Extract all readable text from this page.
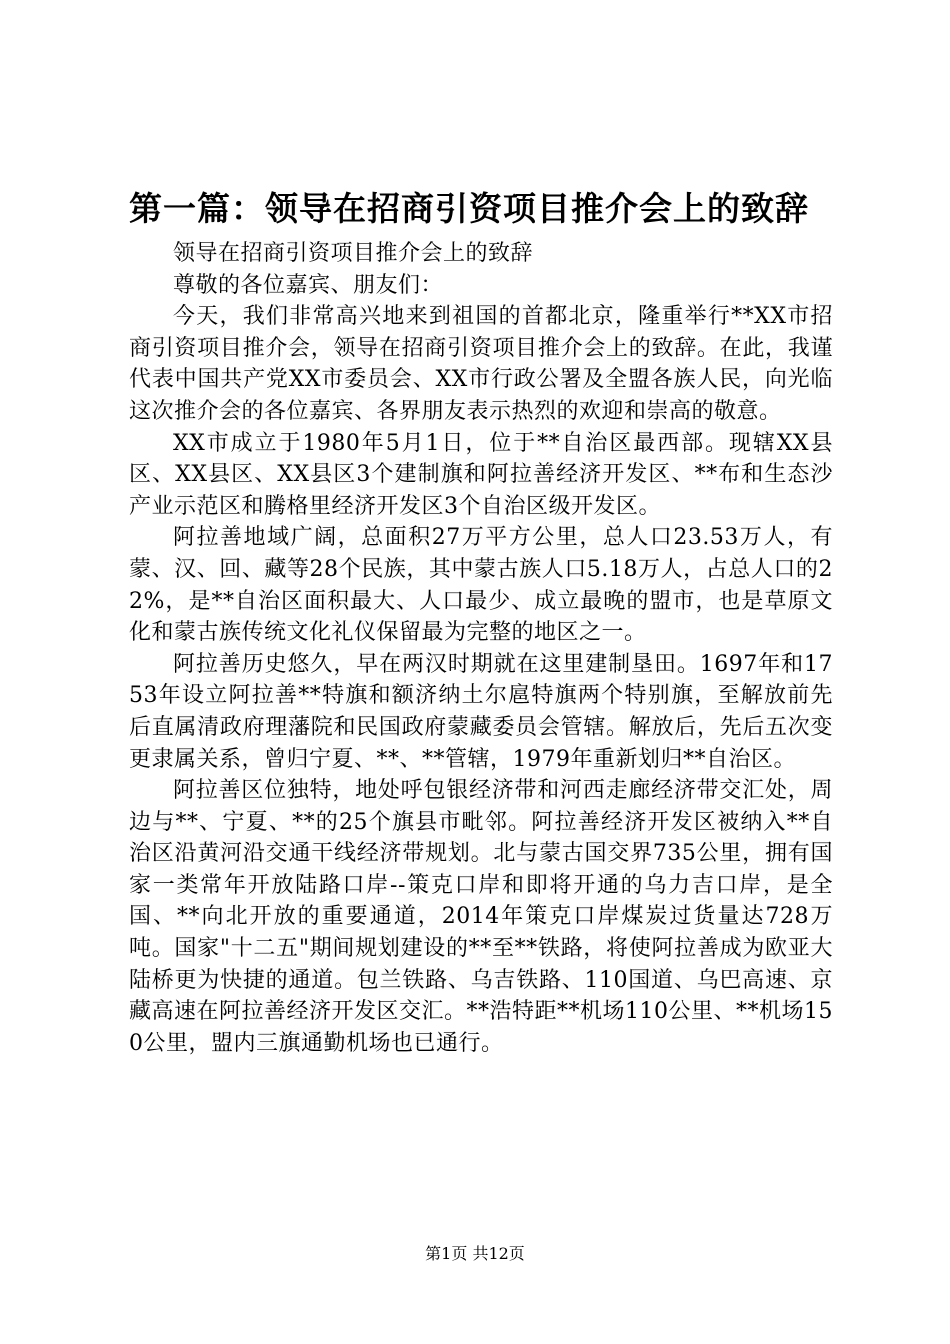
第一篇：领导在招商引资项目推介会上的致辞

领导在招商引资项目推介会上的致辞

尊敬的各位嘉宾、朋友们：

今天，我们非常高兴地来到祖国的首都北京，隆重举行**XX市招商引资项目推介会，领导在招商引资项目推介会上的致辞。在此，我谨代表中国共产党XX市委员会、XX市行政公署及全盟各族人民，向光临这次推介会的各位嘉宾、各界朋友表示热烈的欢迎和崇高的敬意。

XX市成立于1980年5月1日，位于**自治区最西部。现辖XX县区、XX县区、XX县区3个建制旗和阿拉善经济开发区、**布和生态沙产业示范区和腾格里经济开发区3个自治区级开发区。

阿拉善地域广阔，总面积27万平方公里，总人口23.53万人，有蒙、汉、回、藏等28个民族，其中蒙古族人口5.18万人，占总人口的22%，是**自治区面积最大、人口最少、成立最晚的盟市，也是草原文化和蒙古族传统文化礼仪保留最为完整的地区之一。

阿拉善历史悠久，早在两汉时期就在这里建制垦田。1697年和1753年设立阿拉善**特旗和额济纳土尔扈特旗两个特别旗，至解放前先后直属清政府理藩院和民国政府蒙藏委员会管辖。解放后，先后五次变更隶属关系，曾归宁夏、**、**管辖，1979年重新划归**自治区。

阿拉善区位独特，地处呼包银经济带和河西走廊经济带交汇处，周边与**、宁夏、**的25个旗县市毗邻。阿拉善经济开发区被纳入**自治区沿黄河沿交通干线经济带规划。北与蒙古国交界735公里，拥有国家一类常年开放陆路口岸--策克口岸和即将开通的乌力吉口岸，是全国、**向北开放的重要通道，2014年策克口岸煤炭过货量达728万吨。国家"十二五"期间规划建设的**至**铁路，将使阿拉善成为欧亚大陆桥更为快捷的通道。包兰铁路、乌吉铁路、110国道、乌巴高速、京藏高速在阿拉善经济开发区交汇。**浩特距**机场110公里、**机场150公里，盟内三旗通勤机场也已通行。

第1页 共12页
